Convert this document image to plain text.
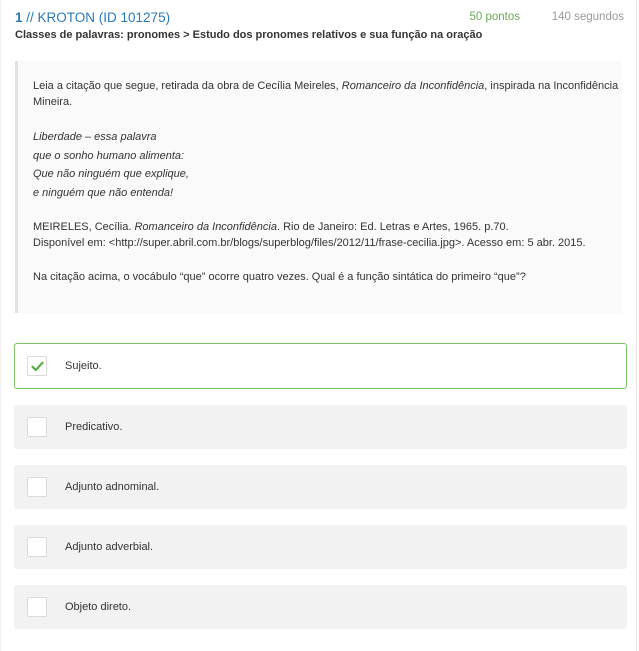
1 // KROTON (ID 101275)	50 pontos	140 segundos
Classes de palavras: pronomes > Estudo dos pronomes relativos e sua função na oração

Leia a citação que segue, retirada da obra de Cecília Meireles, Romanceiro da Inconfidência, inspirada na Inconfidência Mineira.

Liberdade – essa palavra

que o sonho humano alimenta:

Que não ninguém que explique,

e ninguém que não entenda!

MEIRELES, Cecília. Romanceiro da Inconfidência. Rio de Janeiro: Ed. Letras e Artes, 1965. p.70.

Disponível em: <http://super.abril.com.br/blogs/superblog/files/2012/11/frase-cecilia.jpg>. Acesso em: 5 abr. 2015.

Na citação acima, o vocábulo “que” ocorre quatro vezes. Qual é a função sintática do primeiro “que”?

Sujeito.
Predicativo.
Adjunto adnominal.
Adjunto adverbial.
Objeto direto.
